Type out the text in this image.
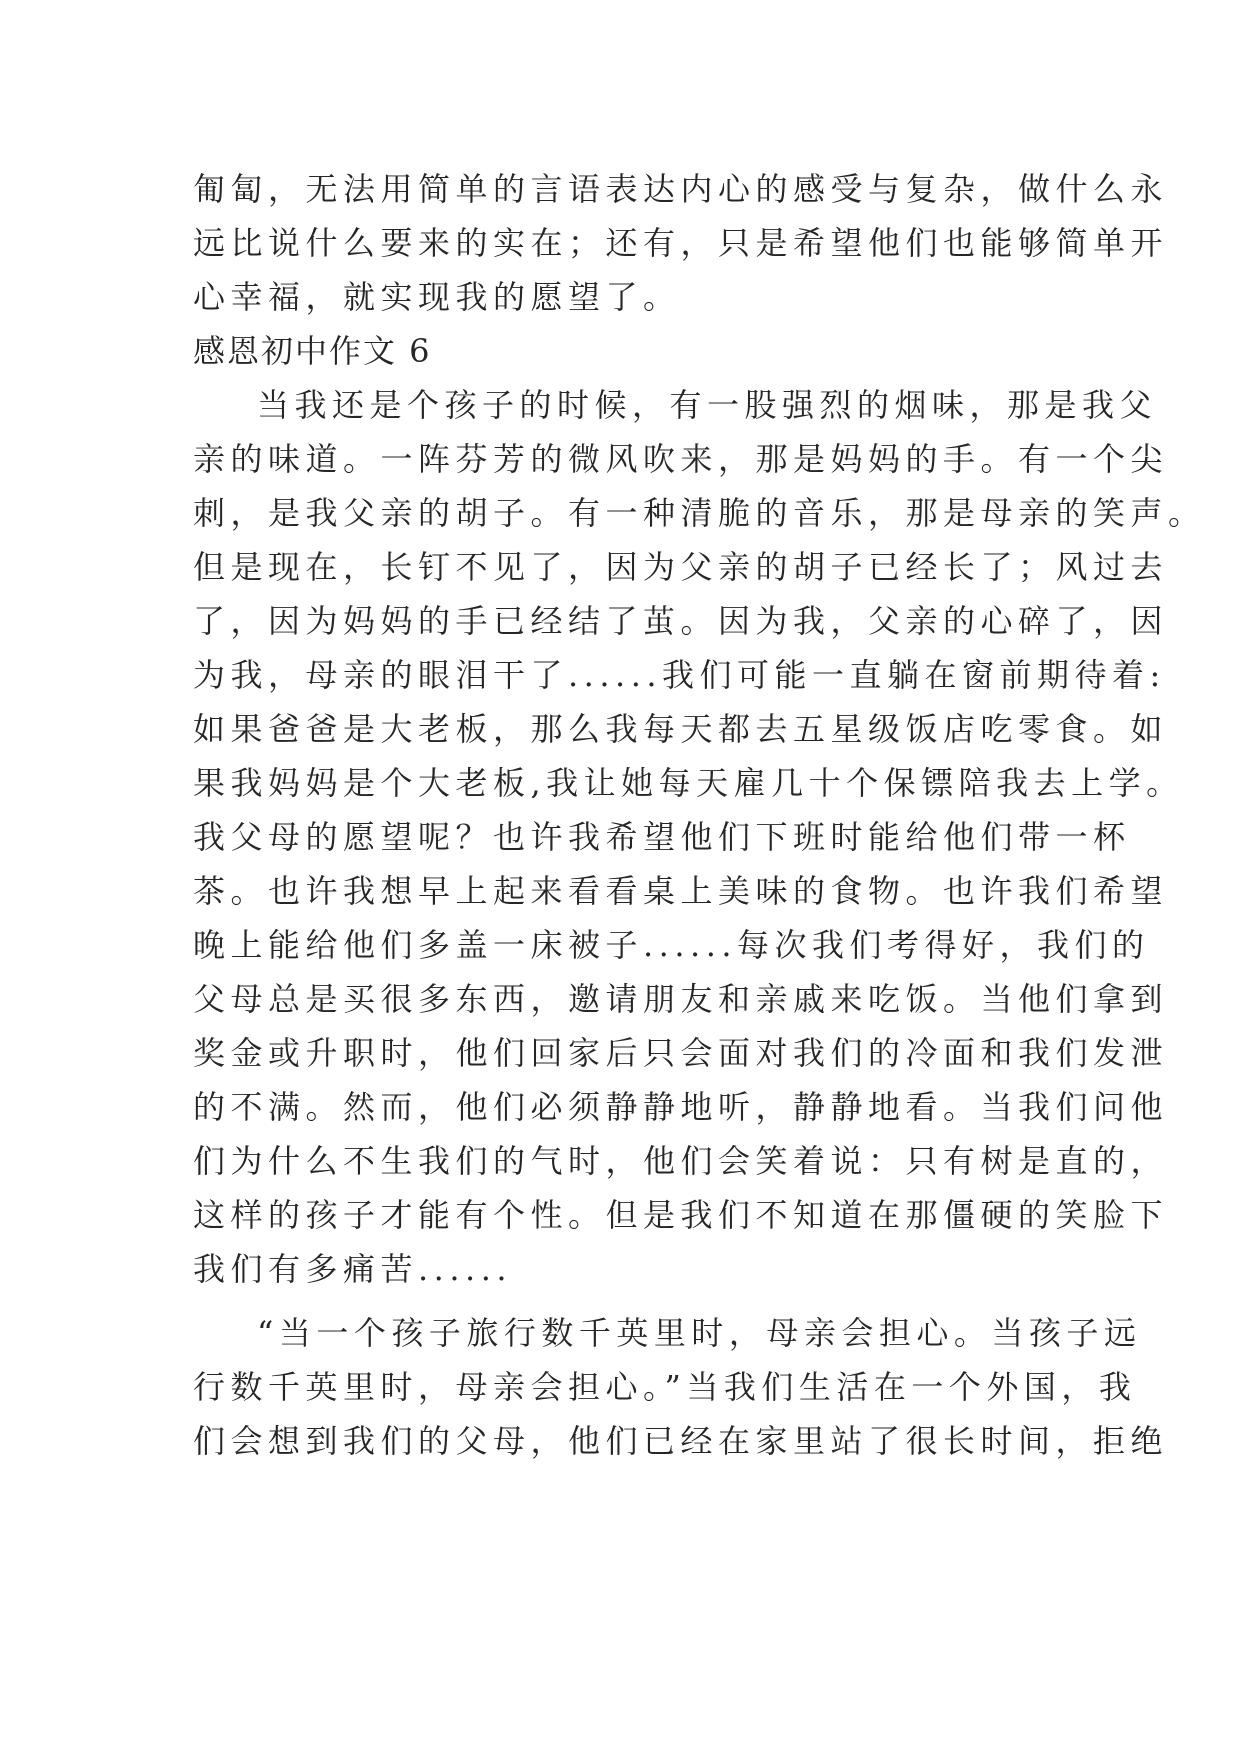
匍匐，无法用简单的言语表达内心的感受与复杂，做什么永
远比说什么要来的实在；还有，只是希望他们也能够简单开
心幸福，就实现我的愿望了。
感恩初中作文 6
当我还是个孩子的时候，有一股强烈的烟味，那是我父
亲的味道。一阵芬芳的微风吹来，那是妈妈的手。有一个尖
刺，是我父亲的胡子。有一种清脆的音乐，那是母亲的笑声。
但是现在，长钉不见了，因为父亲的胡子已经长了；风过去
了，因为妈妈的手已经结了茧。因为我，父亲的心碎了，因
为我，母亲的眼泪干了......我们可能一直躺在窗前期待着:
如果爸爸是大老板，那么我每天都去五星级饭店吃零食。如
果我妈妈是个大老板,我让她每天雇几十个保镖陪我去上学。
我父母的愿望呢？也许我希望他们下班时能给他们带一杯
茶。也许我想早上起来看看桌上美味的食物。也许我们希望
晚上能给他们多盖一床被子......每次我们考得好，我们的
父母总是买很多东西，邀请朋友和亲戚来吃饭。当他们拿到
奖金或升职时，他们回家后只会面对我们的冷面和我们发泄
的不满。然而，他们必须静静地听，静静地看。当我们问他
们为什么不生我们的气时，他们会笑着说：只有树是直的，
这样的孩子才能有个性。但是我们不知道在那僵硬的笑脸下
我们有多痛苦......
“当一个孩子旅行数千英里时，母亲会担心。当孩子远
行数千英里时，母亲会担心。”当我们生活在一个外国，我
们会想到我们的父母，他们已经在家里站了很长时间，拒绝
